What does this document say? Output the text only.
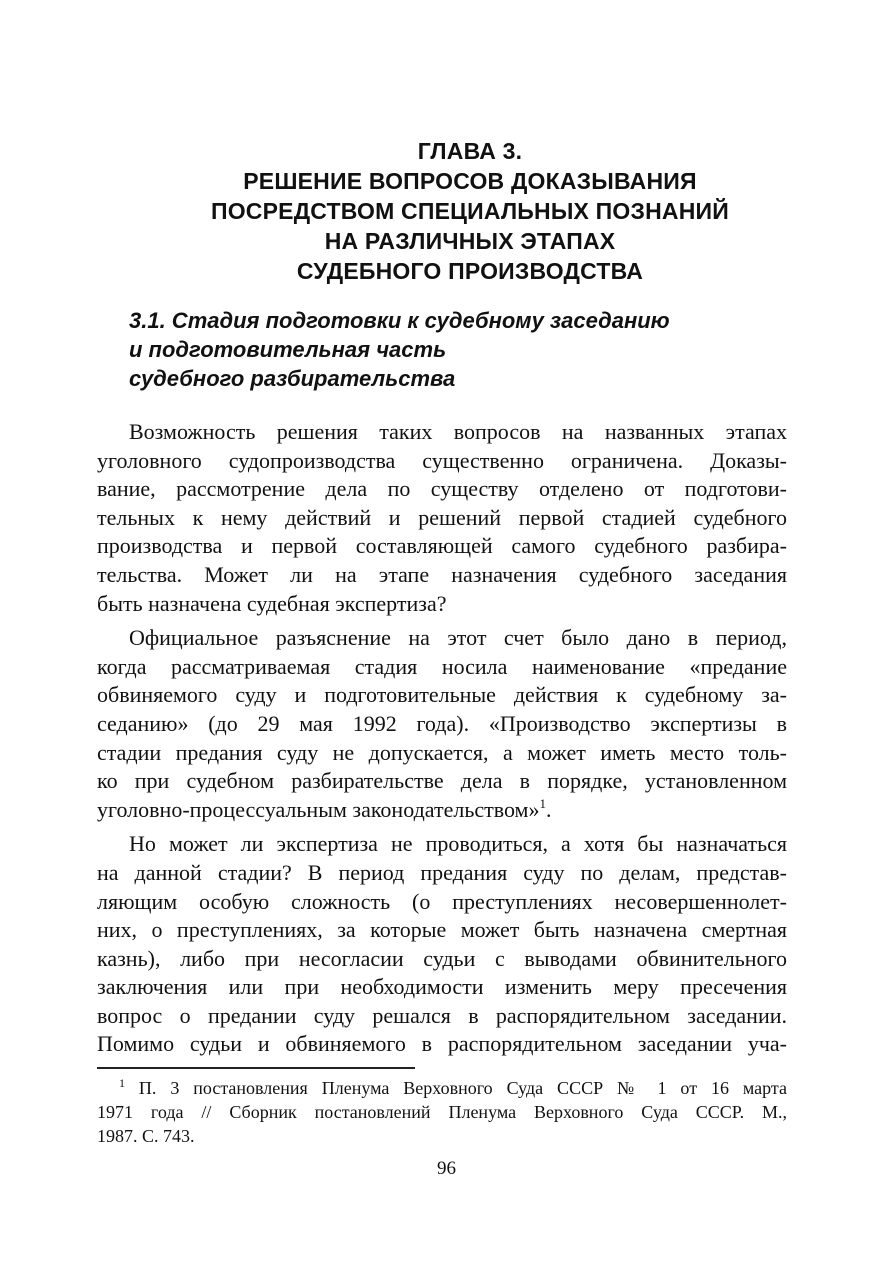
ГЛАВА 3.
РЕШЕНИЕ ВОПРОСОВ ДОКАЗЫВАНИЯ
ПОСРЕДСТВОМ СПЕЦИАЛЬНЫХ ПОЗНАНИЙ
НА РАЗЛИЧНЫХ ЭТАПАХ
СУДЕБНОГО ПРОИЗВОДСТВА
3.1. Стадия подготовки к судебному заседанию
и подготовительная часть
судебного разбирательства
Возможность решения таких вопросов на названных этапах
уголовного судопроизводства существенно ограничена. Доказы-
вание, рассмотрение дела по существу отделено от подготови-
тельных к нему действий и решений первой стадией судебного
производства и первой составляющей самого судебного разбира-
тельства. Может ли на этапе назначения судебного заседания
быть назначена судебная экспертиза?
Официальное разъяснение на этот счет было дано в период,
когда рассматриваемая стадия носила наименование «предание
обвиняемого суду и подготовительные действия к судебному за-
седанию» (до 29 мая 1992 года). «Производство экспертизы в
стадии предания суду не допускается, а может иметь место толь-
ко при судебном разбирательстве дела в порядке, установленном
уголовно-процессуальным законодательством»$^1$.
Но может ли экспертиза не проводиться, а хотя бы назначаться
на данной стадии? В период предания суду по делам, представ-
ляющим особую сложность (о преступлениях несовершеннолет-
них, о преступлениях, за которые может быть назначена смертная
казнь), либо при несогласии судьи с выводами обвинительного
заключения или при необходимости изменить меру пресечения
вопрос о предании суду решался в распорядительном заседании.
Помимо судьи и обвиняемого в распорядительном заседании уча-
$^1$ П. 3 постановления Пленума Верховного Суда СССР № 1 от 16 марта
1971 года // Сборник постановлений Пленума Верховного Суда СССР. М.,
1987. С. 743.
96
